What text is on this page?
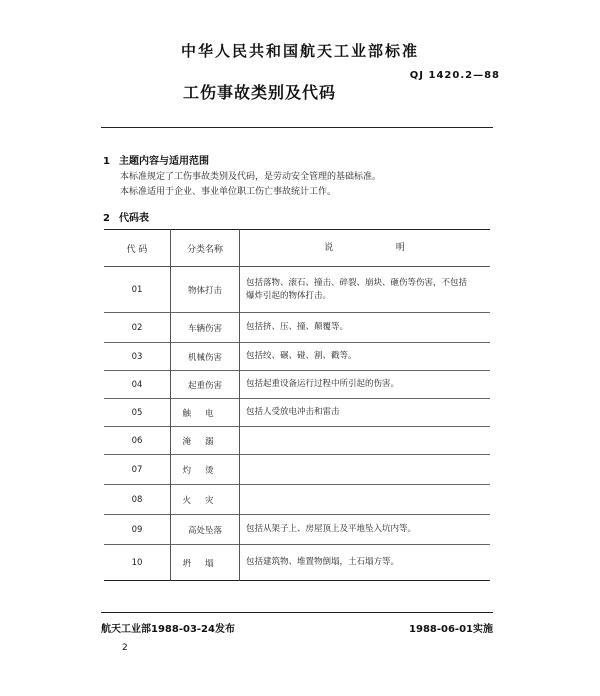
中华人民共和国航天工业部标准
QJ 1420.2—88
工伤事故类别及代码
1 主题内容与适用范围
本标准规定了工伤事故类别及代码，是劳动安全管理的基础标准。
本标准适用于企业、事业单位职工伤亡事故统计工作。
2 代码表
代 码	分类名称	说 明
01	物体打击	包括落物、滚石、撞击、碎裂、崩块、砸伤等伤害，不包括
爆炸引起的物体打击。

02	车辆伤害	包括挤、压、撞、颠覆等。

03	机械伤害	包括绞、碾、碰、割、戳等。

04	起重伤害	包括起重设备运行过程中所引起的伤害。

05	触电	包括人受放电冲击和雷击

06	淹溺	
07	灼烫	
08	火灾	
09	高处坠落	包括从架子上、房屋顶上及平地坠入坑内等。

10	坍塌	包括建筑物、堆置物倒塌，土石塌方等。
航天工业部1988-03-24发布	1988-06-01实施
2
